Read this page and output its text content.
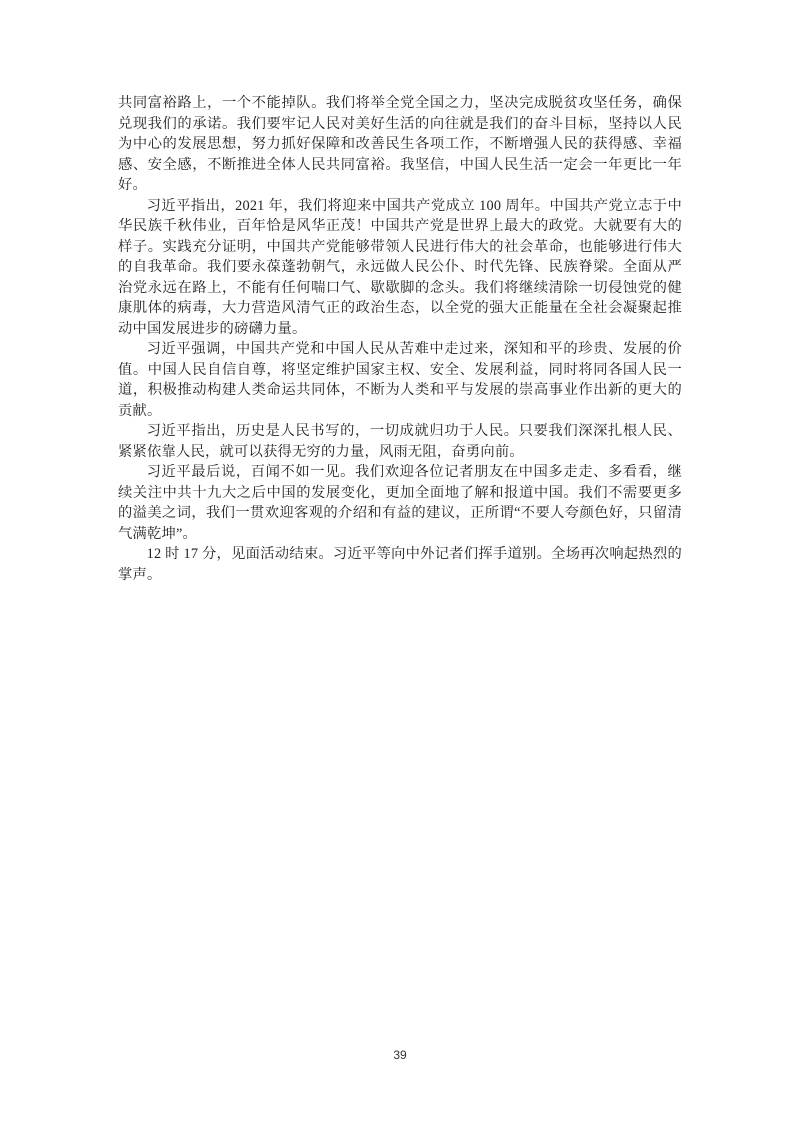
共同富裕路上，一个不能掉队。我们将举全党全国之力，坚决完成脱贫攻坚任务，确保兑现我们的承诺。我们要牢记人民对美好生活的向往就是我们的奋斗目标，坚持以人民为中心的发展思想，努力抓好保障和改善民生各项工作，不断增强人民的获得感、幸福感、安全感，不断推进全体人民共同富裕。我坚信，中国人民生活一定会一年更比一年好。

习近平指出，2021 年，我们将迎来中国共产党成立 100 周年。中国共产党立志于中华民族千秋伟业，百年恰是风华正茂！中国共产党是世界上最大的政党。大就要有大的样子。实践充分证明，中国共产党能够带领人民进行伟大的社会革命，也能够进行伟大的自我革命。我们要永葆蓬勃朝气，永远做人民公仆、时代先锋、民族脊梁。全面从严治党永远在路上，不能有任何喘口气、歇歇脚的念头。我们将继续清除一切侵蚀党的健康肌体的病毒，大力营造风清气正的政治生态，以全党的强大正能量在全社会凝聚起推动中国发展进步的磅礴力量。

习近平强调，中国共产党和中国人民从苦难中走过来，深知和平的珍贵、发展的价值。中国人民自信自尊，将坚定维护国家主权、安全、发展利益，同时将同各国人民一道，积极推动构建人类命运共同体，不断为人类和平与发展的崇高事业作出新的更大的贡献。

习近平指出，历史是人民书写的，一切成就归功于人民。只要我们深深扎根人民、紧紧依靠人民，就可以获得无穷的力量，风雨无阻，奋勇向前。

习近平最后说，百闻不如一见。我们欢迎各位记者朋友在中国多走走、多看看，继续关注中共十九大之后中国的发展变化，更加全面地了解和报道中国。我们不需要更多的溢美之词，我们一贯欢迎客观的介绍和有益的建议，正所谓“不要人夸颜色好，只留清气满乾坤”。

12 时 17 分，见面活动结束。习近平等向中外记者们挥手道别。全场再次响起热烈的掌声。

39
